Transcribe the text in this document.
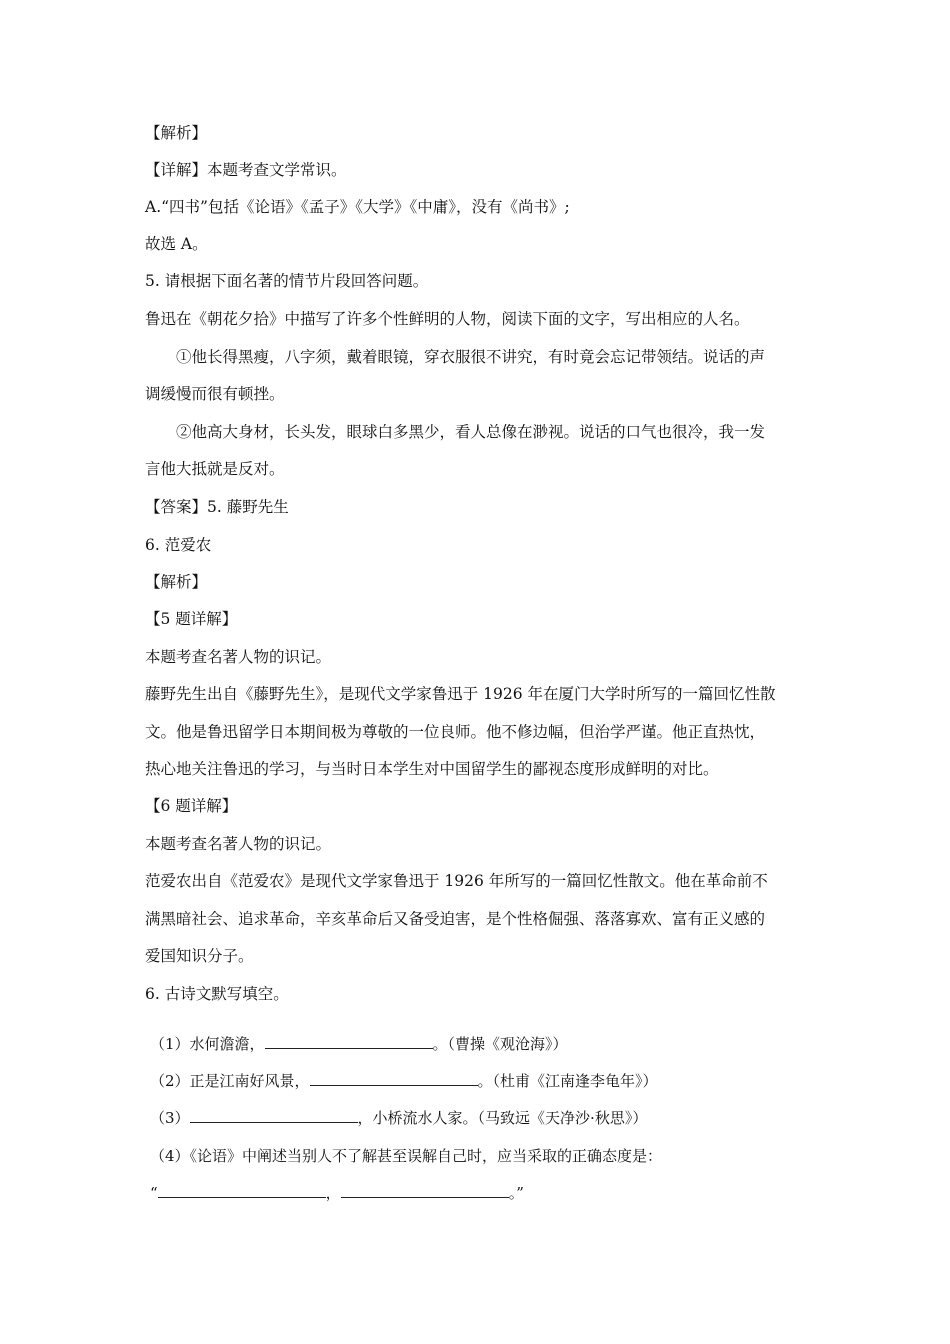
【解析】
【详解】本题考查文学常识。
A.“四书”包括《论语》《孟子》《大学》《中庸》，没有《尚书》;
故选 A。
5. 请根据下面名著的情节片段回答问题。
鲁迅在《朝花夕拾》中描写了许多个性鲜明的人物，阅读下面的文字，写出相应的人名。
①他长得黑瘦，八字须，戴着眼镜，穿衣服很不讲究，有时竟会忘记带领结。说话的声
调缓慢而很有顿挫。
②他高大身材，长头发，眼球白多黑少，看人总像在渺视。说话的口气也很冷，我一发
言他大抵就是反对。
【答案】5. 藤野先生
6. 范爱农
【解析】
【5 题详解】
本题考查名著人物的识记。
藤野先生出自《藤野先生》，是现代文学家鲁迅于 1926 年在厦门大学时所写的一篇回忆性散
文。他是鲁迅留学日本期间极为尊敬的一位良师。他不修边幅，但治学严谨。他正直热忱，
热心地关注鲁迅的学习，与当时日本学生对中国留学生的鄙视态度形成鲜明的对比。
【6 题详解】
本题考查名著人物的识记。
范爱农出自《范爱农》是现代文学家鲁迅于 1926 年所写的一篇回忆性散文。他在革命前不
满黑暗社会、追求革命，辛亥革命后又备受迫害，是个性格倔强、落落寡欢、富有正义感的
爱国知识分子。
6. 古诗文默写填空。
（1）水何澹澹，	。（曹操《观沧海》）
（2）正是江南好风景，	。（杜甫《江南逢李龟年》）
（3）	，小桥流水人家。（马致远《天净沙·秋思》）
（4）《论语》中阐述当别人不了解甚至误解自己时，应当采取的正确态度是：
“	，	。”
